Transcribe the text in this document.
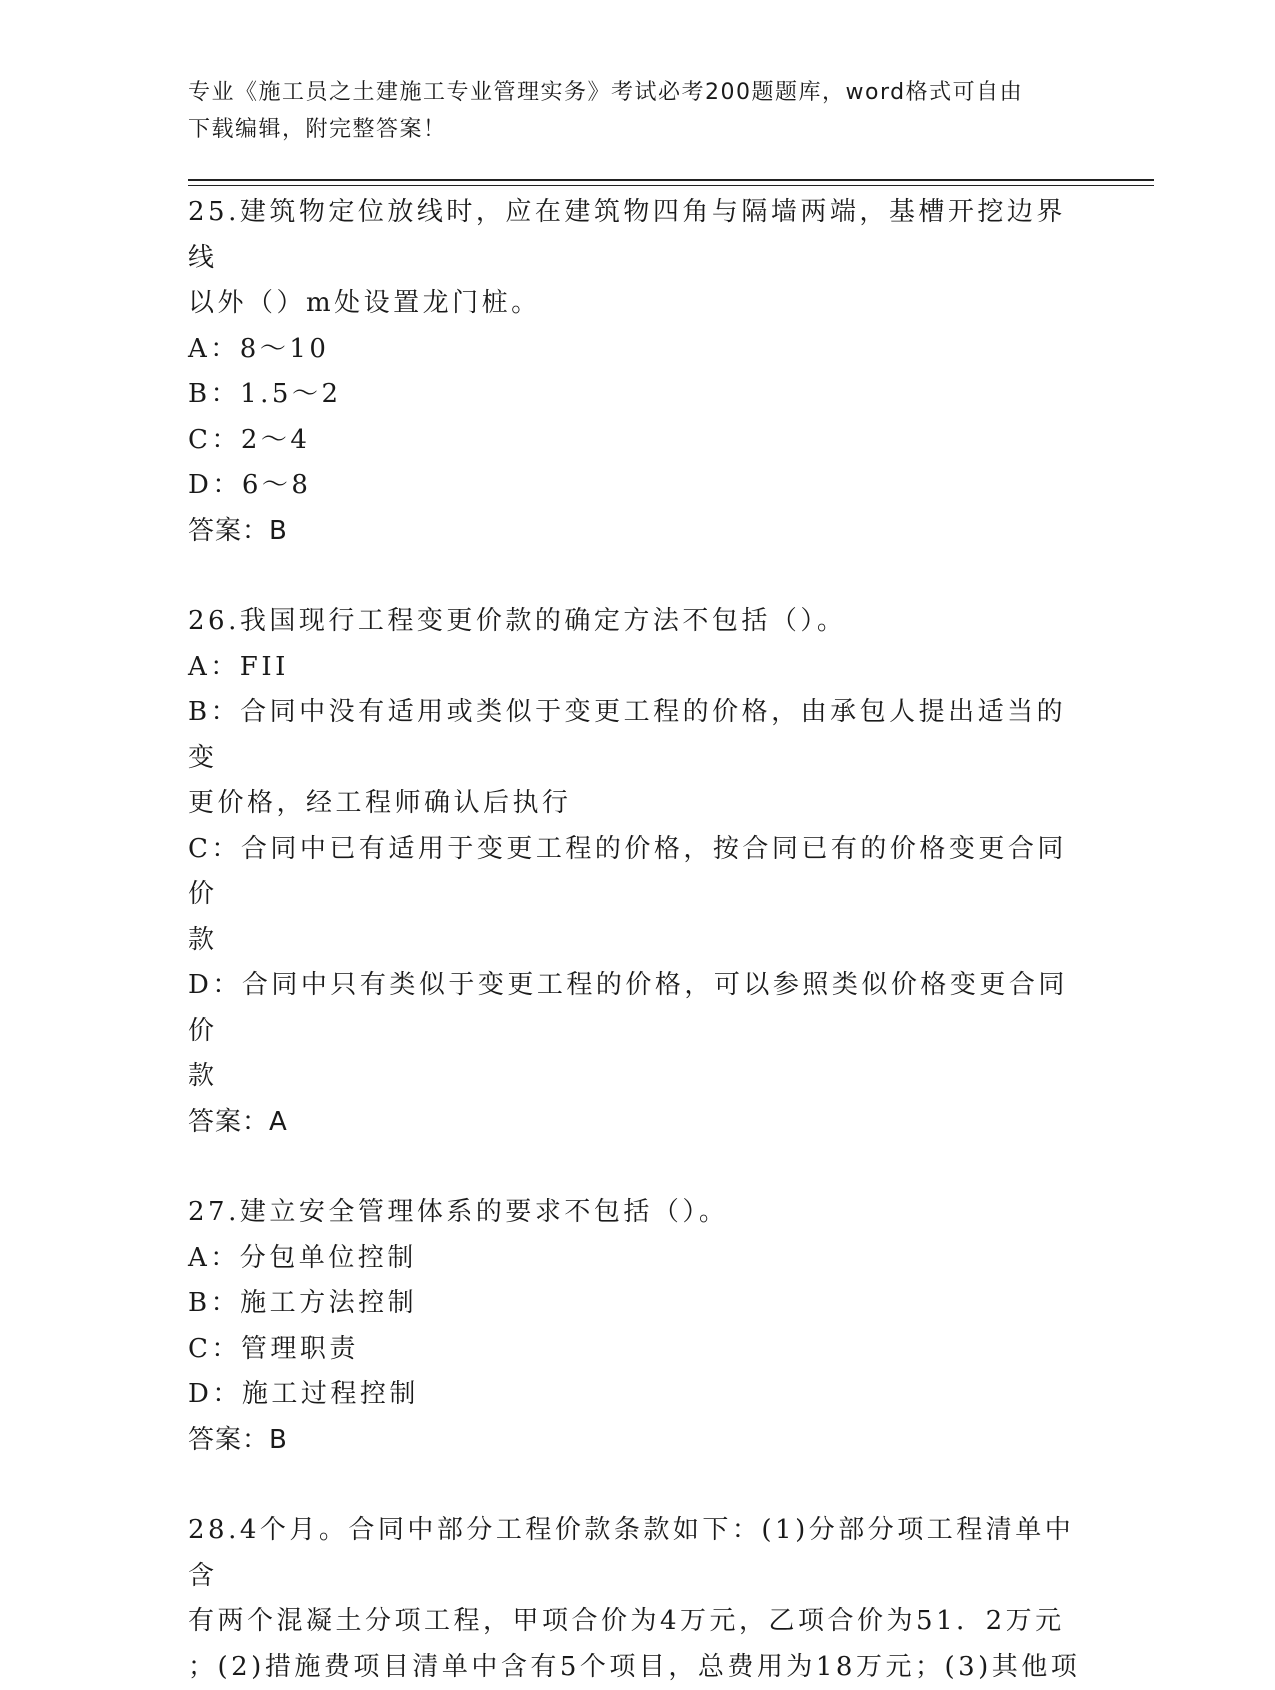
专业《施工员之土建施工专业管理实务》考试必考200题题库，word格式可自由
下载编辑，附完整答案！
25.建筑物定位放线时，应在建筑物四角与隔墙两端，基槽开挖边界线
以外（）m处设置龙门桩。
A：8～10
B：1.5～2
C：2～4
D：6～8
答案：B
26.我国现行工程变更价款的确定方法不包括（）。
A：FII
B：合同中没有适用或类似于变更工程的价格，由承包人提出适当的变
更价格，经工程师确认后执行
C：合同中已有适用于变更工程的价格，按合同已有的价格变更合同价
款
D：合同中只有类似于变更工程的价格，可以参照类似价格变更合同价
款
答案：A
27.建立安全管理体系的要求不包括（）。
A：分包单位控制
B：施工方法控制
C：管理职责
D：施工过程控制
答案：B
28.4个月。合同中部分工程价款条款如下：(1)分部分项工程清单中含
有两个混凝土分项工程，甲项合价为4万元，乙项合价为51．2万元
；(2)措施费项目清单中含有5个项目，总费用为18万元；(3)其他项
